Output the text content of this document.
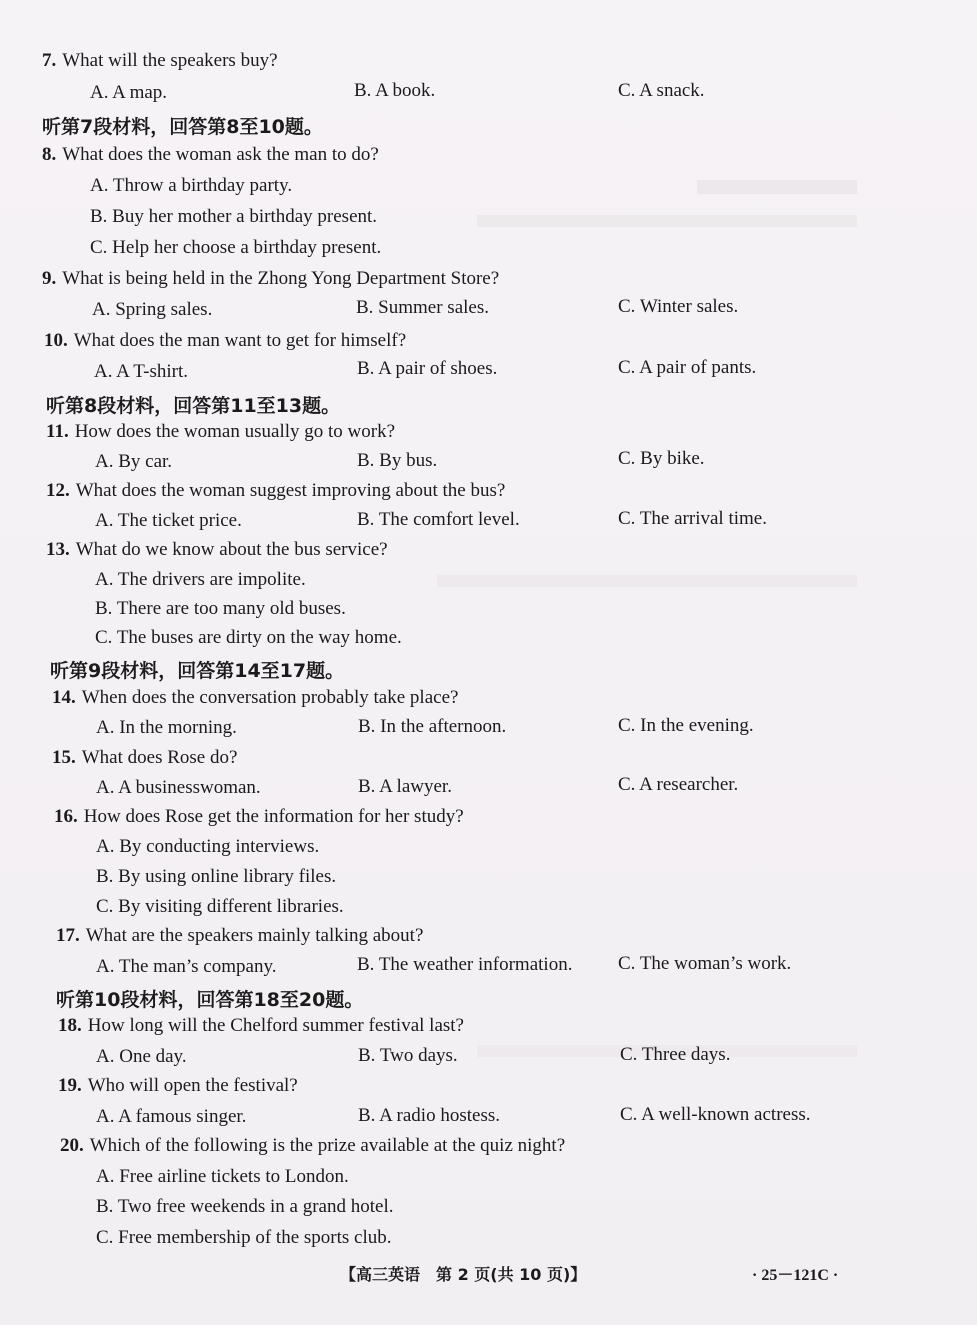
7. What will the speakers buy?
A. A map.	B. A book.	C. A snack.
听第7段材料，回答第8至10题。
8. What does the woman ask the man to do?
A. Throw a birthday party.
B. Buy her mother a birthday present.
C. Help her choose a birthday present.
9. What is being held in the Zhong Yong Department Store?
A. Spring sales.	B. Summer sales.	C. Winter sales.
10. What does the man want to get for himself?
A. A T-shirt.	B. A pair of shoes.	C. A pair of pants.
听第8段材料，回答第11至13题。
11. How does the woman usually go to work?
A. By car.	B. By bus.	C. By bike.
12. What does the woman suggest improving about the bus?
A. The ticket price.	B. The comfort level.	C. The arrival time.
13. What do we know about the bus service?
A. The drivers are impolite.
B. There are too many old buses.
C. The buses are dirty on the way home.
听第9段材料，回答第14至17题。
14. When does the conversation probably take place?
A. In the morning.	B. In the afternoon.	C. In the evening.
15. What does Rose do?
A. A businesswoman.	B. A lawyer.	C. A researcher.
16. How does Rose get the information for her study?
A. By conducting interviews.
B. By using online library files.
C. By visiting different libraries.
17. What are the speakers mainly talking about?
A. The man’s company.	B. The weather information. C. The woman’s work.
听第10段材料，回答第18至20题。
18. How long will the Chelford summer festival last?
A. One day.	B. Two days.	C. Three days.
19. Who will open the festival?
A. A famous singer.	B. A radio hostess.	C. A well-known actress.
20. Which of the following is the prize available at the quiz night?
A. Free airline tickets to London.
B. Two free weekends in a grand hotel.
C. Free membership of the sports club.
【高三英语　第 2 页(共 10 页)】	· 25－121C ·
